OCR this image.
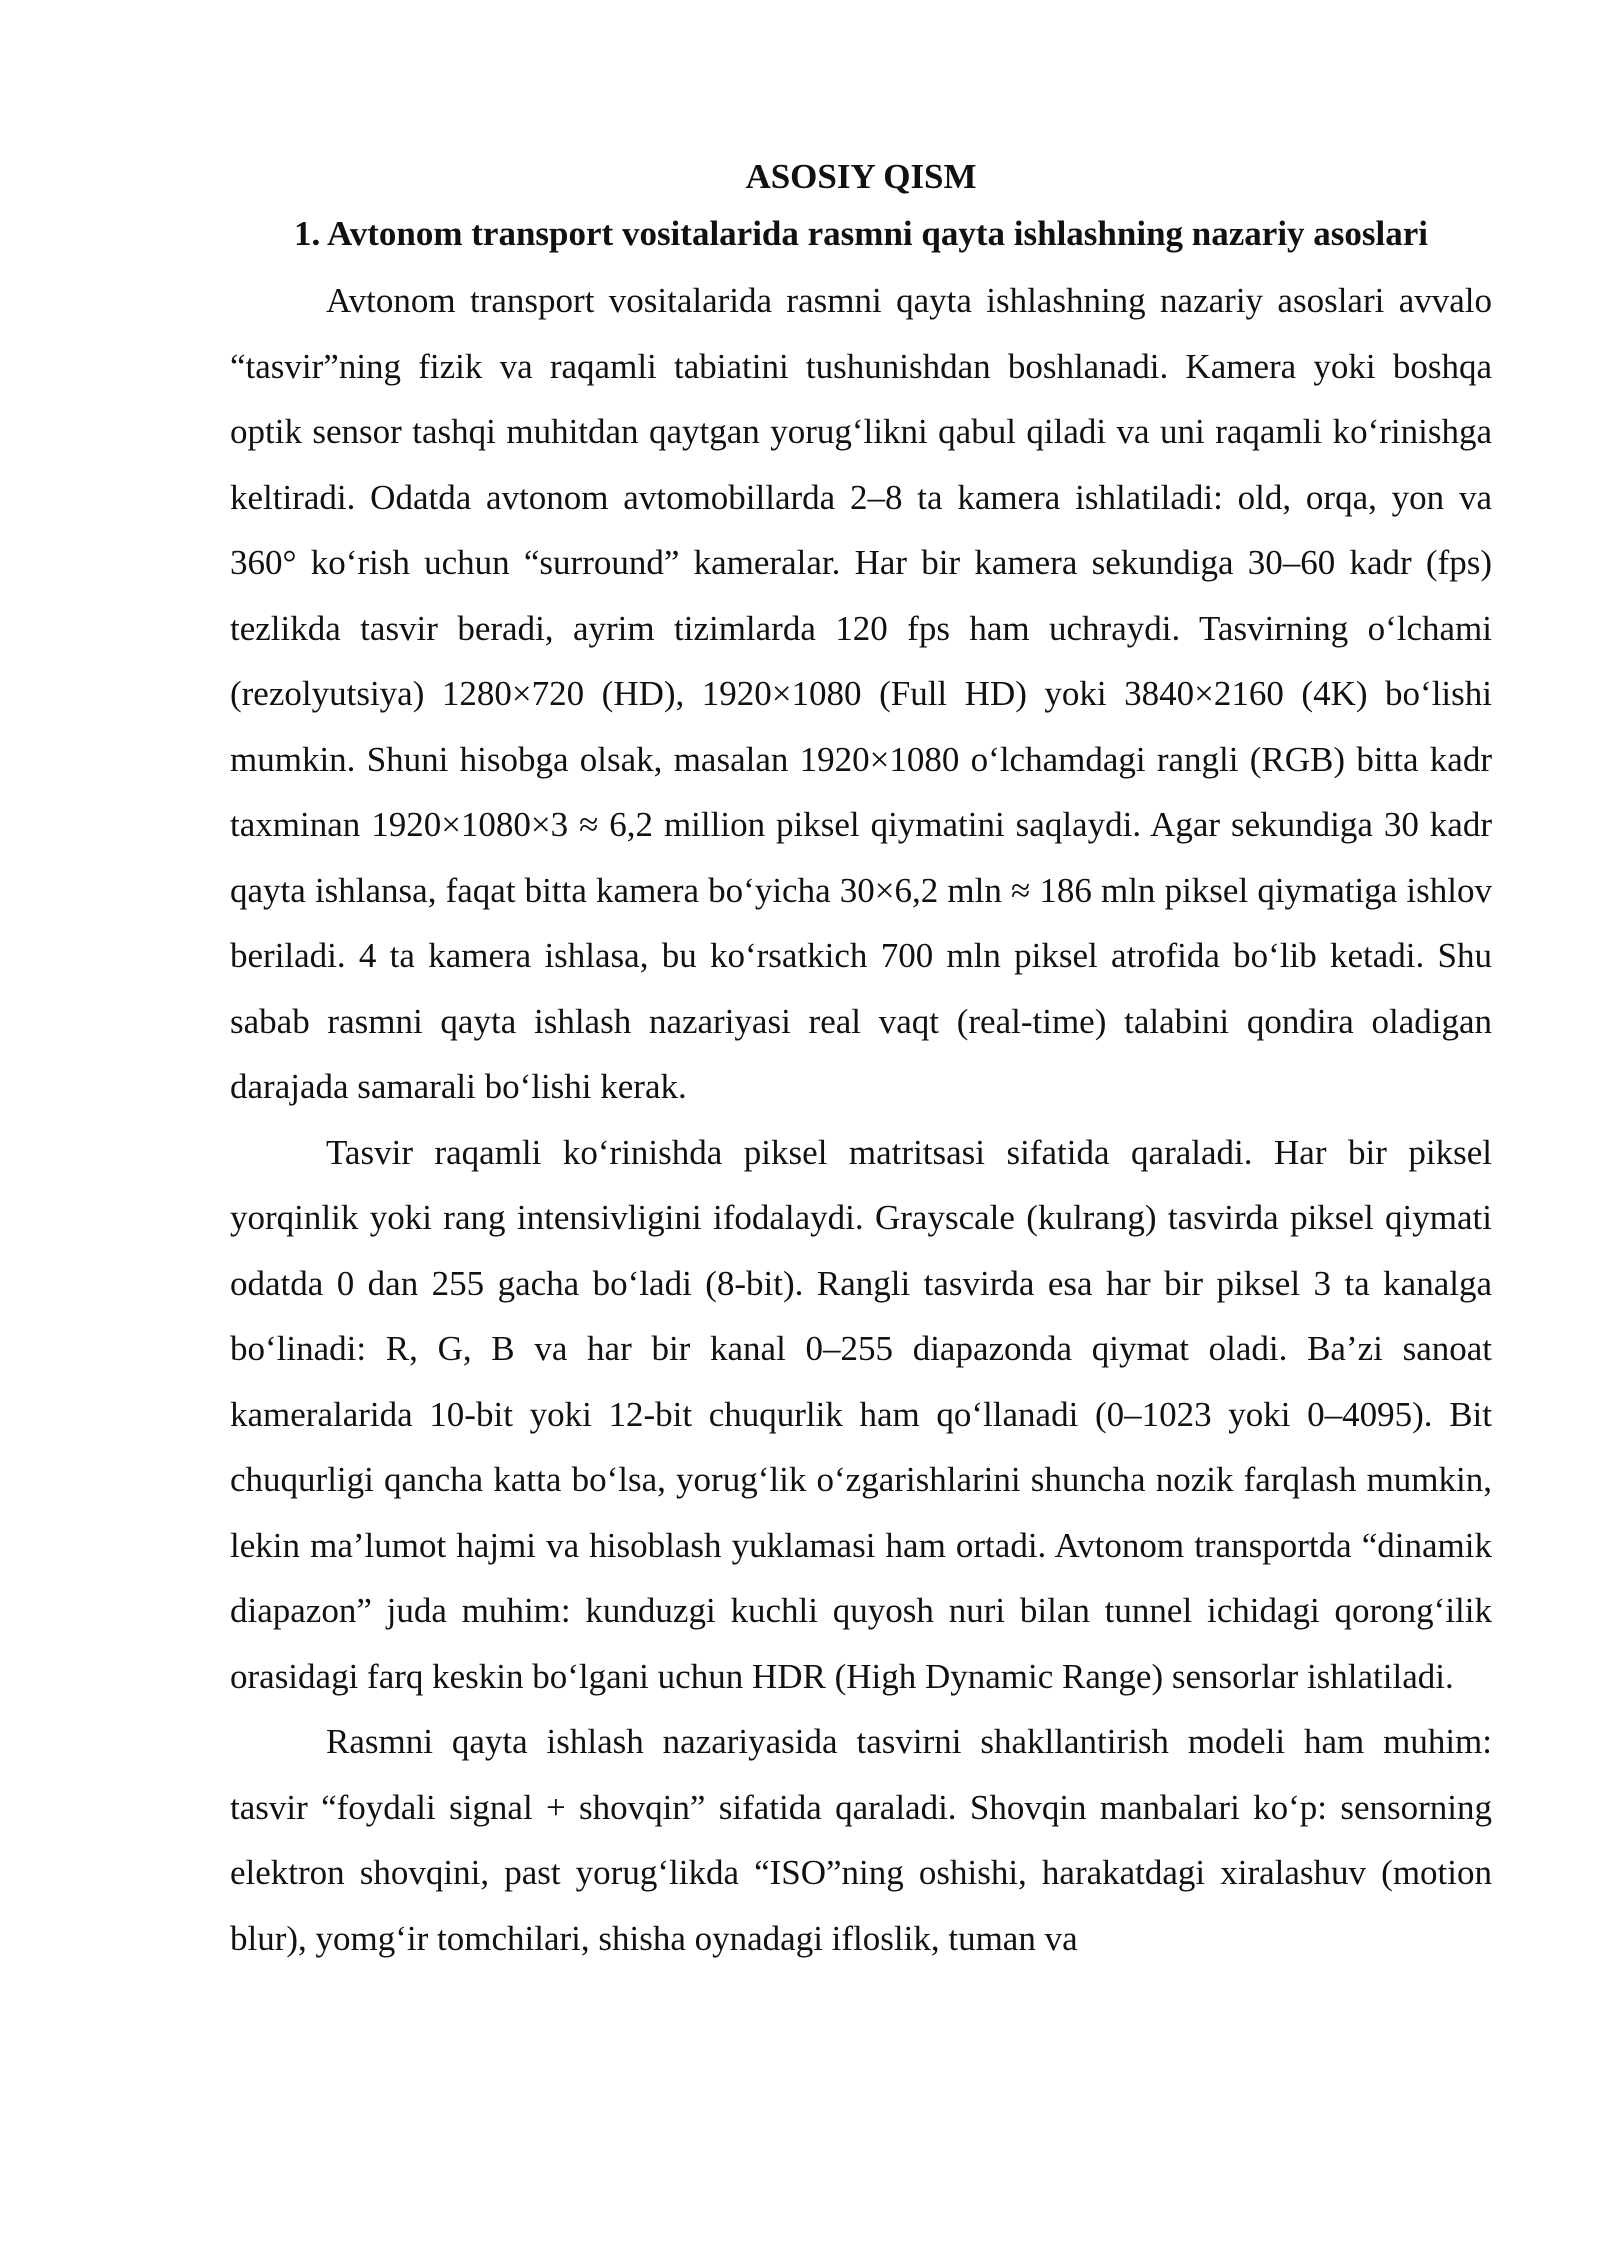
ASOSIY QISM
1. Avtonom transport vositalarida rasmni qayta ishlashning nazariy asoslari

Avtonom transport vositalarida rasmni qayta ishlashning nazariy asoslari avvalo “tasvir”ning fizik va raqamli tabiatini tushunishdan boshlanadi. Kamera yoki boshqa optik sensor tashqi muhitdan qaytgan yorug‘likni qabul qiladi va uni raqamli ko‘rinishga keltiradi. Odatda avtonom avtomobillarda 2–8 ta kamera ishlatiladi: old, orqa, yon va 360° ko‘rish uchun “surround” kameralar. Har bir kamera sekundiga 30–60 kadr (fps) tezlikda tasvir beradi, ayrim tizimlarda 120 fps ham uchraydi. Tasvirning o‘lchami (rezolyutsiya) 1280×720 (HD), 1920×1080 (Full HD) yoki 3840×2160 (4K) bo‘lishi mumkin. Shuni hisobga olsak, masalan 1920×1080 o‘lchamdagi rangli (RGB) bitta kadr taxminan 1920×1080×3 ≈ 6,2 million piksel qiymatini saqlaydi. Agar sekundiga 30 kadr qayta ishlansa, faqat bitta kamera bo‘yicha 30×6,2 mln ≈ 186 mln piksel qiymatiga ishlov beriladi. 4 ta kamera ishlasa, bu ko‘rsatkich 700 mln piksel atrofida bo‘lib ketadi. Shu sabab rasmni qayta ishlash nazariyasi real vaqt (real-time) talabini qondira oladigan darajada samarali bo‘lishi kerak.

Tasvir raqamli ko‘rinishda piksel matritsasi sifatida qaraladi. Har bir piksel yorqinlik yoki rang intensivligini ifodalaydi. Grayscale (kulrang) tasvirda piksel qiymati odatda 0 dan 255 gacha bo‘ladi (8-bit). Rangli tasvirda esa har bir piksel 3 ta kanalga bo‘linadi: R, G, B va har bir kanal 0–255 diapazonda qiymat oladi. Ba’zi sanoat kameralarida 10-bit yoki 12-bit chuqurlik ham qo‘llanadi (0–1023 yoki 0–4095). Bit chuqurligi qancha katta bo‘lsa, yorug‘lik o‘zgarishlarini shuncha nozik farqlash mumkin, lekin ma’lumot hajmi va hisoblash yuklamasi ham ortadi. Avtonom transportda “dinamik diapazon” juda muhim: kunduzgi kuchli quyosh nuri bilan tunnel ichidagi qorong‘ilik orasidagi farq keskin bo‘lgani uchun HDR (High Dynamic Range) sensorlar ishlatiladi.

Rasmni qayta ishlash nazariyasida tasvirni shakllantirish modeli ham muhim: tasvir “foydali signal + shovqin” sifatida qaraladi. Shovqin manbalari ko‘p: sensorning elektron shovqini, past yorug‘likda “ISO”ning oshishi, harakatdagi xiralashuv (motion blur), yomg‘ir tomchilari, shisha oynadagi ifloslik, tuman va
